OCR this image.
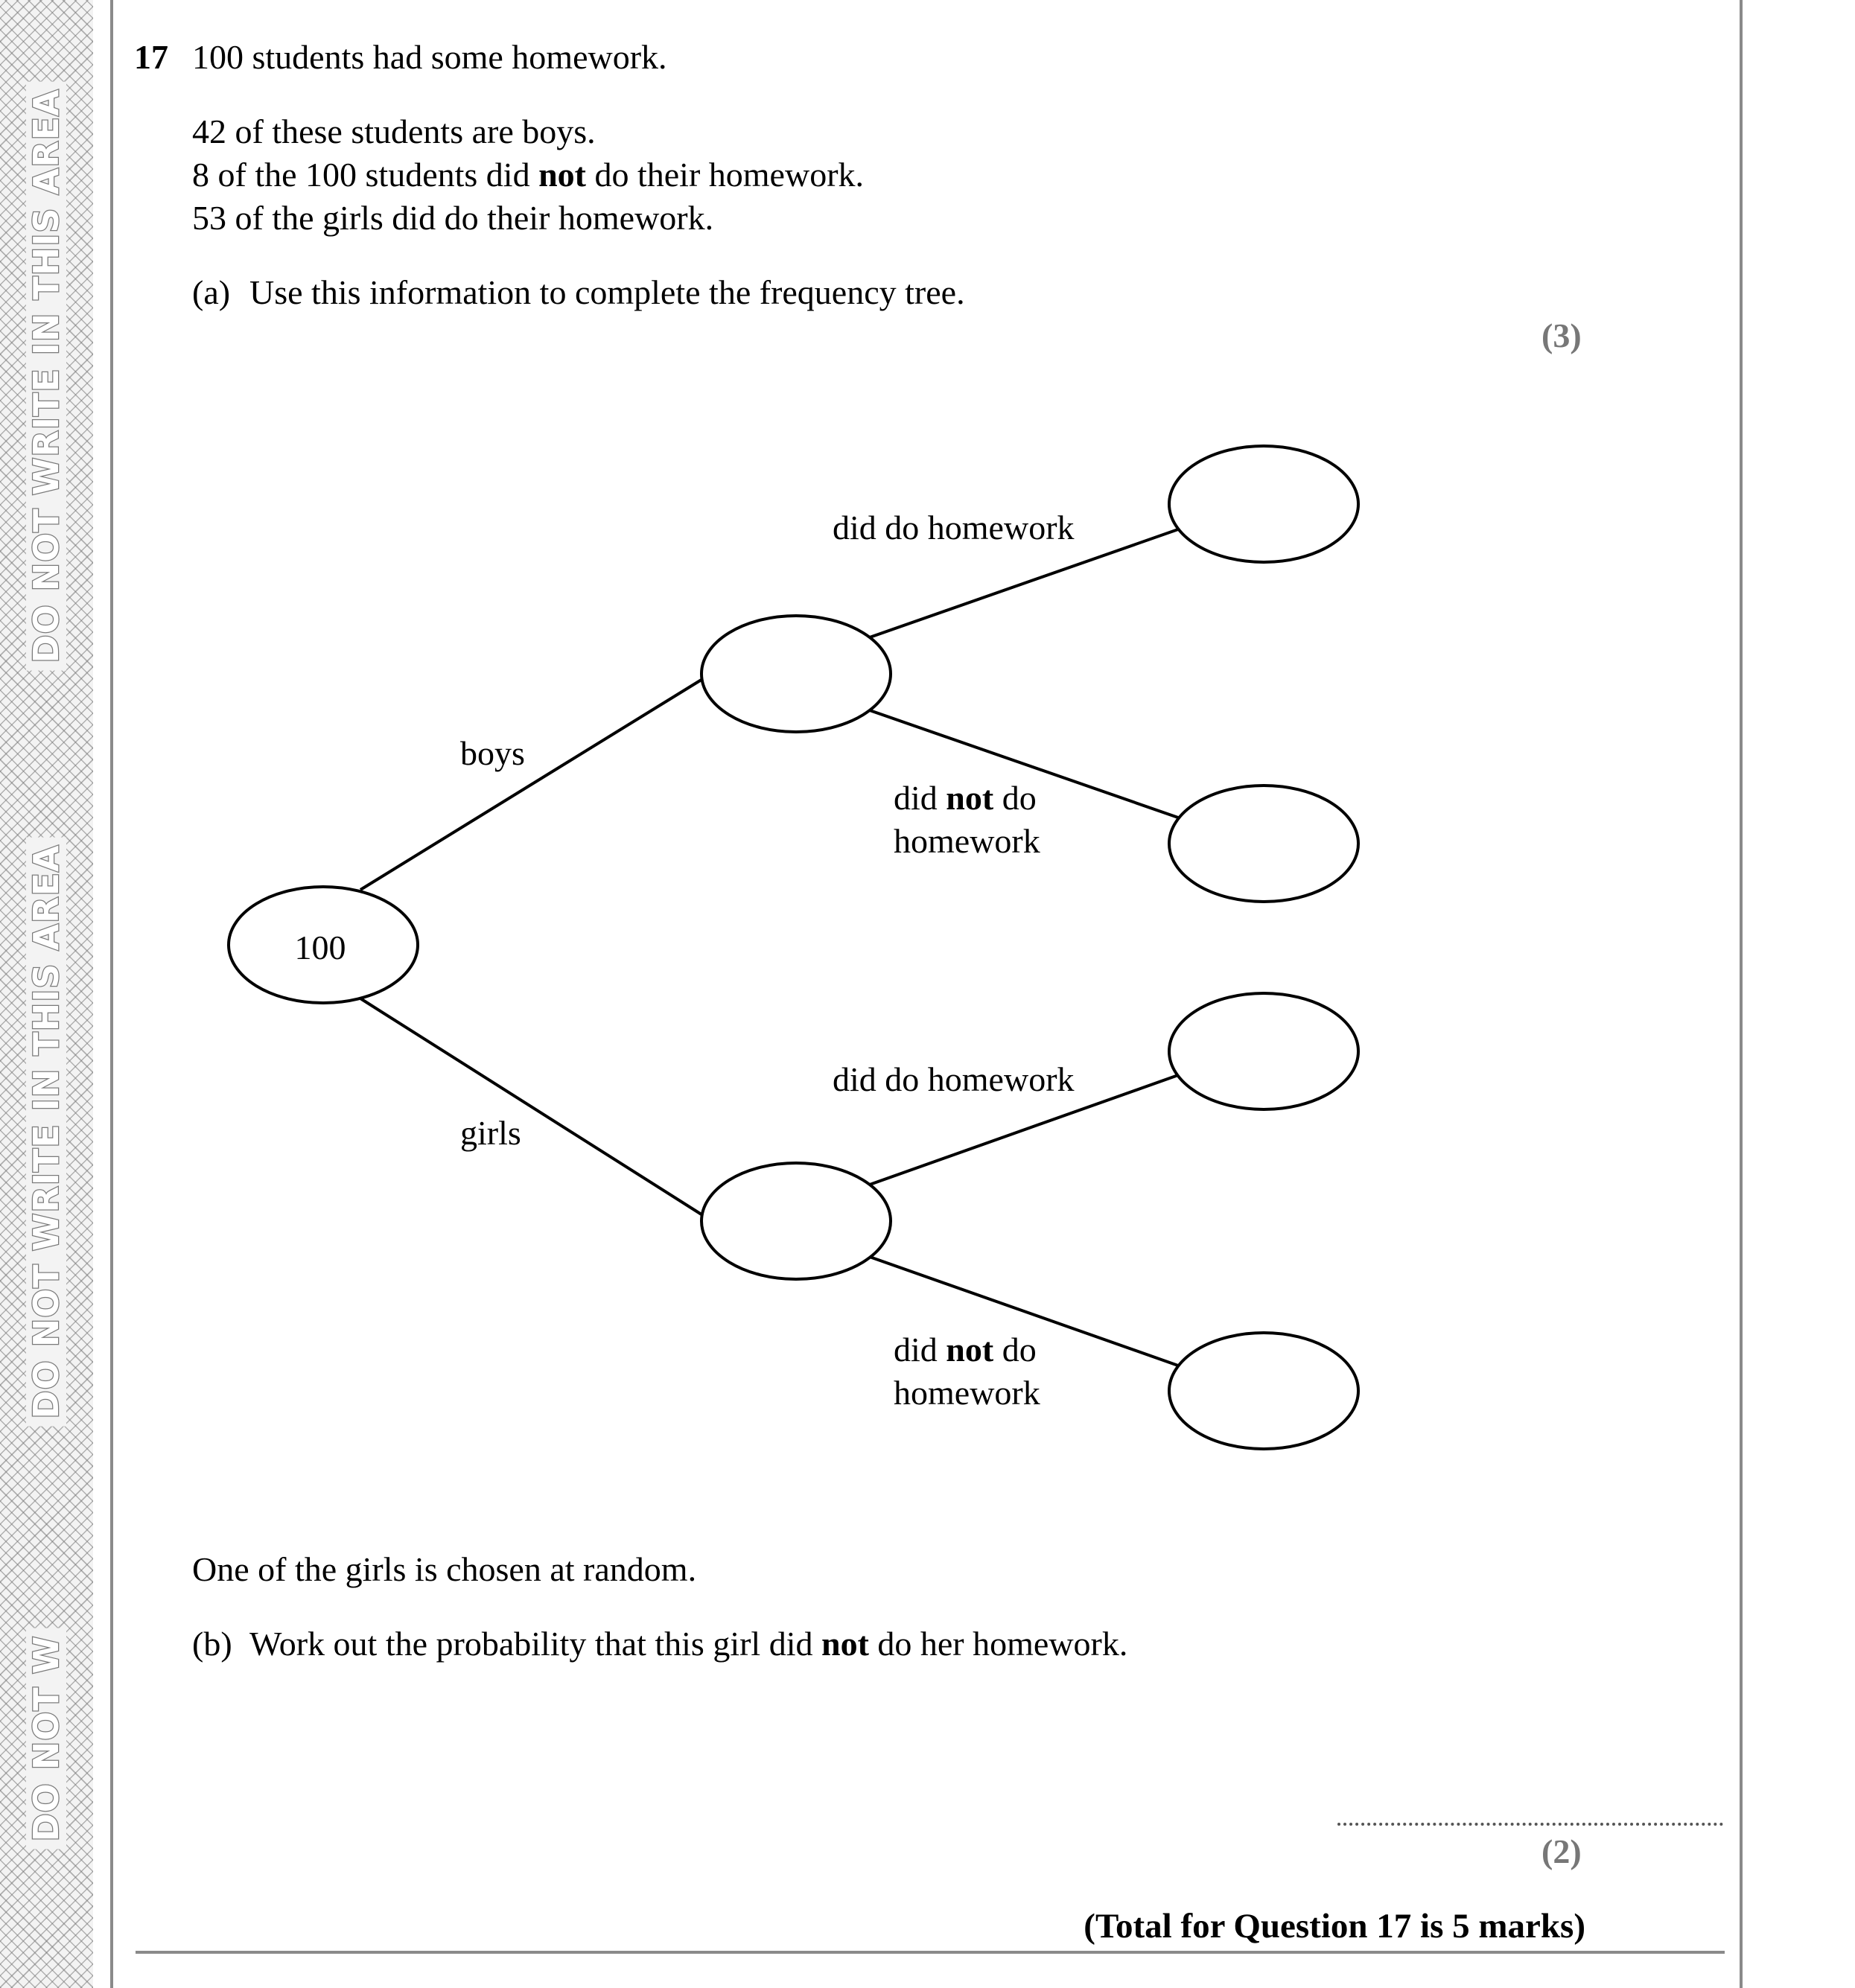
DO NOT WRITE IN THIS AREA
DO NOT WRITE IN THIS AREA
DO NOT W
17 100 students had some homework.
42 of these students are boys.
8 of the 100 students did not do their homework.
53 of the girls did do their homework.
(a) Use this information to complete the frequency tree.
(3)
100
boys
girls
did do homework
did not do
homework
did do homework
did not do
homework
One of the girls is chosen at random.
(b) Work out the probability that this girl did not do her homework.
(2)
(Total for Question 17 is 5 marks)
